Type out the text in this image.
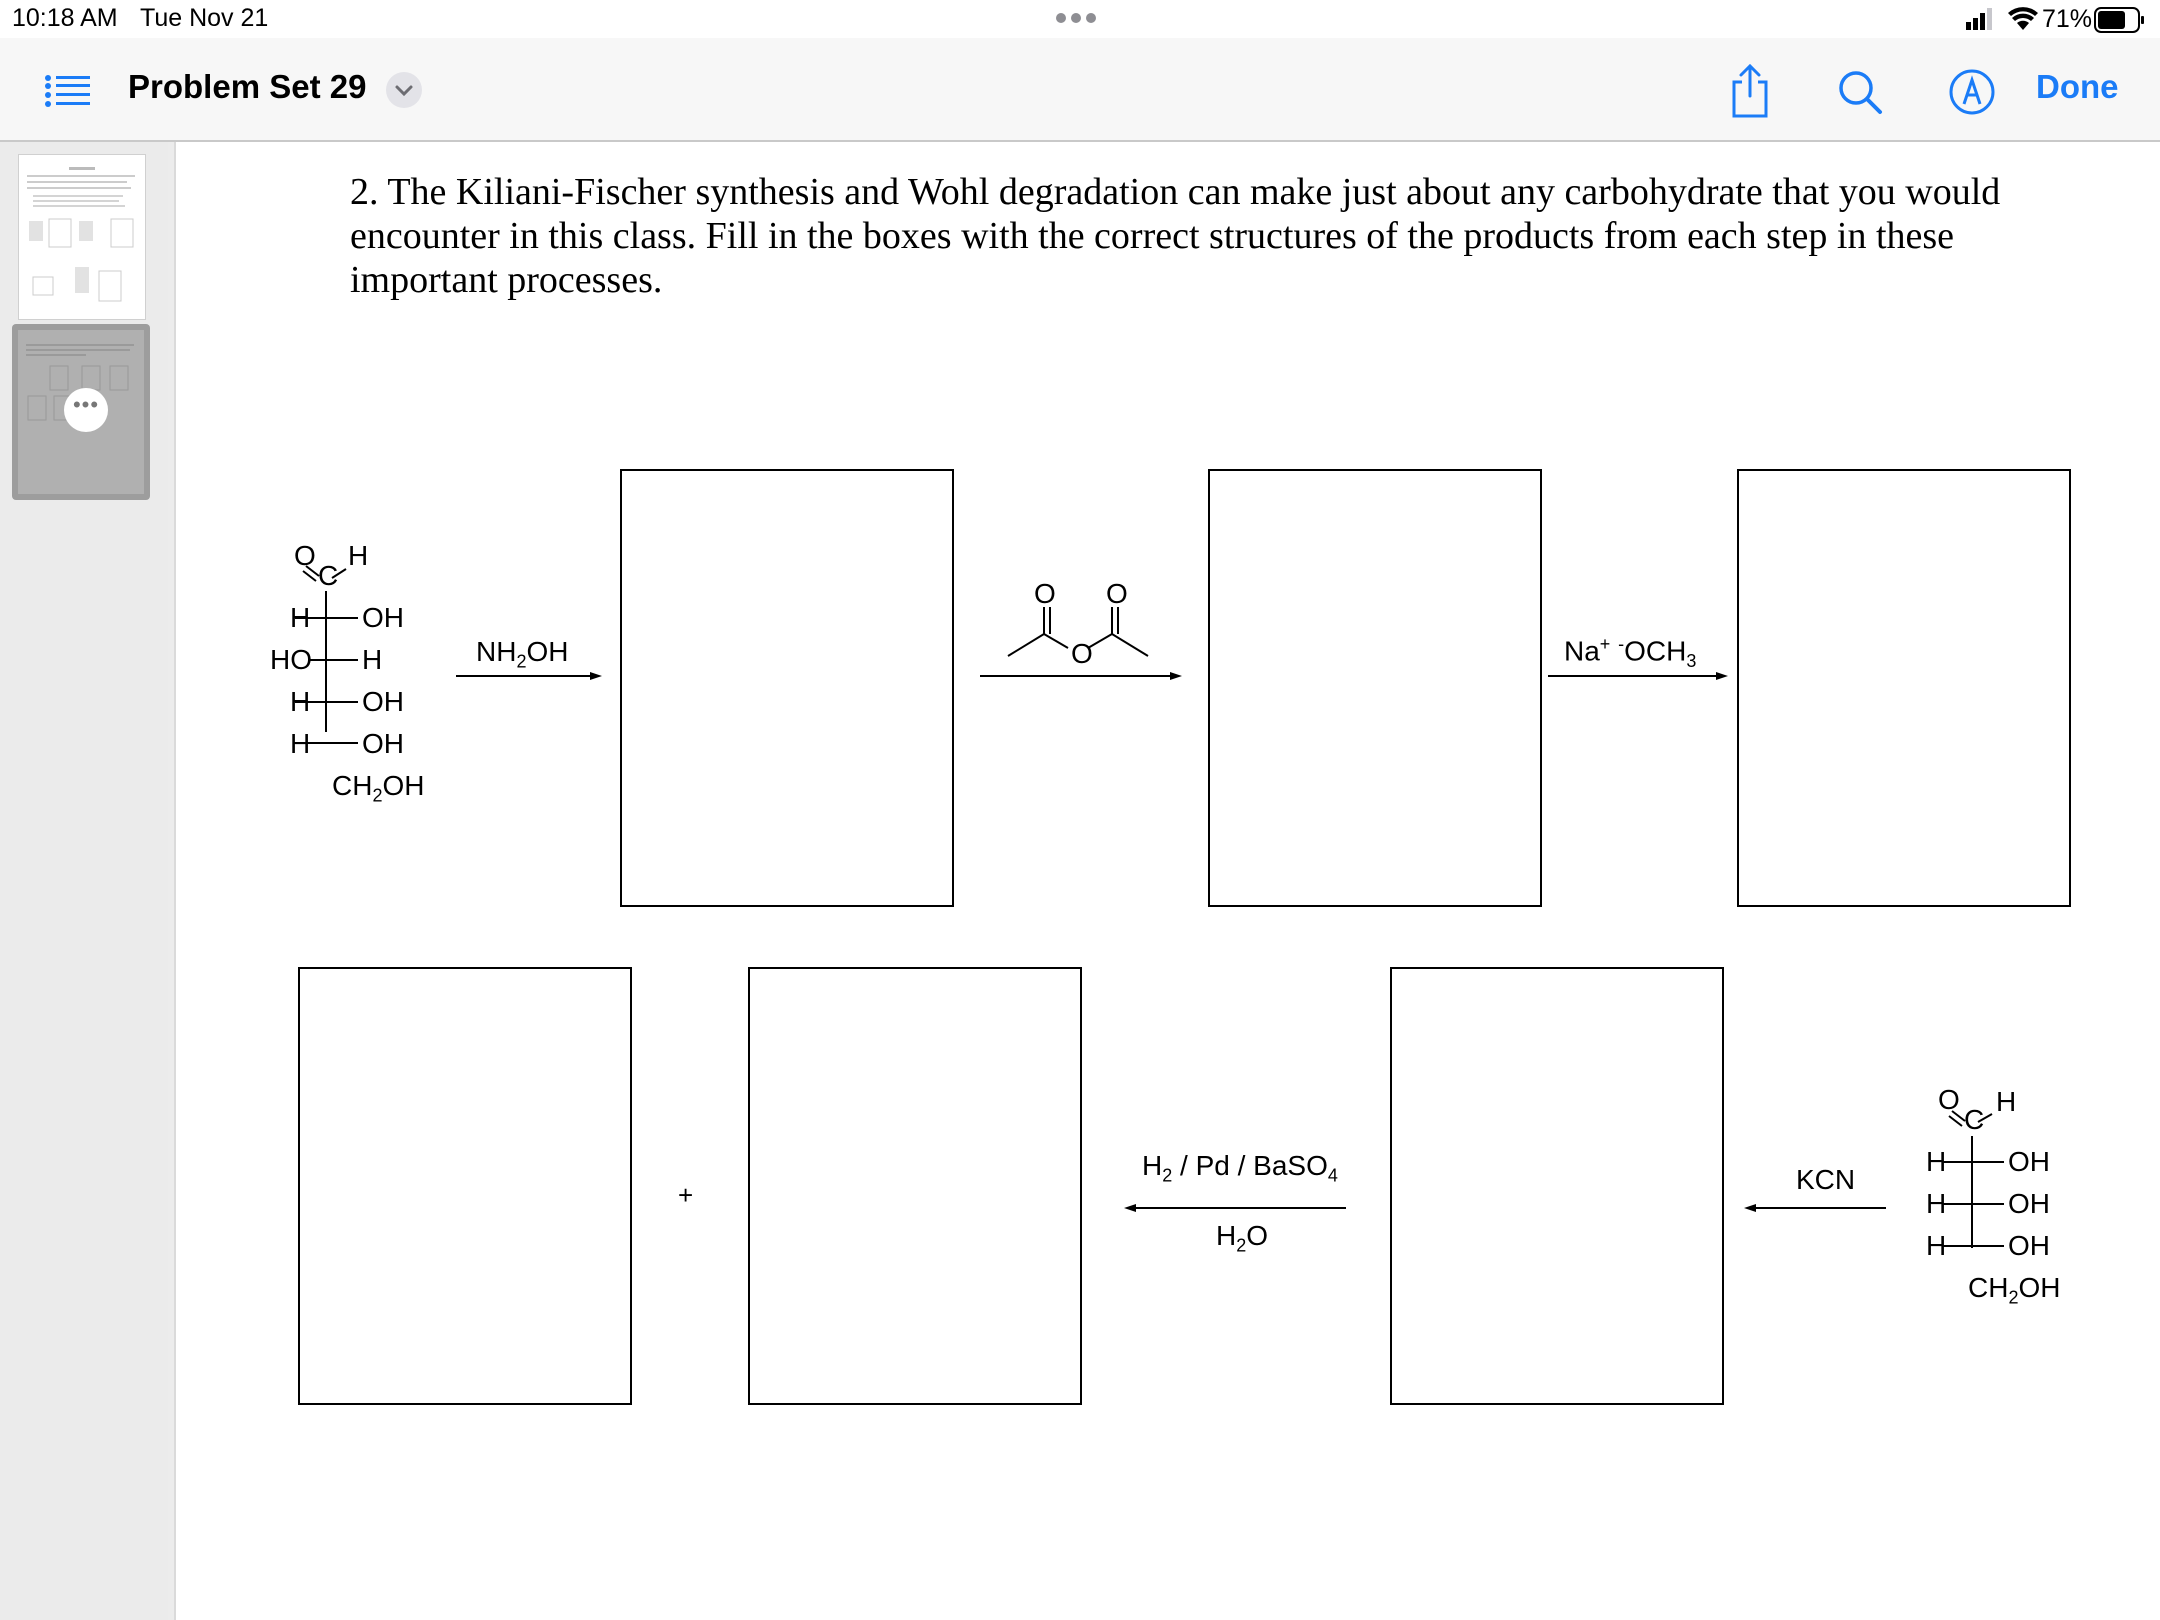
10:18 AM Tue Nov 21	71%
Problem Set 29	Done
•••
2. The Kiliani-Fischer synthesis and Wohl degradation can make just about any carbohydrate that you would encounter in this class. Fill in the boxes with the correct structures of the products from each step in these important processes.
O
C
H
H OH
HO H
H OH
H OH
$CH_2OH$
$NH_2OH$
O O
O	Na+ $^-OCH_3$
+
$H_2$ / Pd / BaSO$_4$
$H_2O$
KCN
O
C
H
H OH
H OH
H OH
$CH_2OH$
